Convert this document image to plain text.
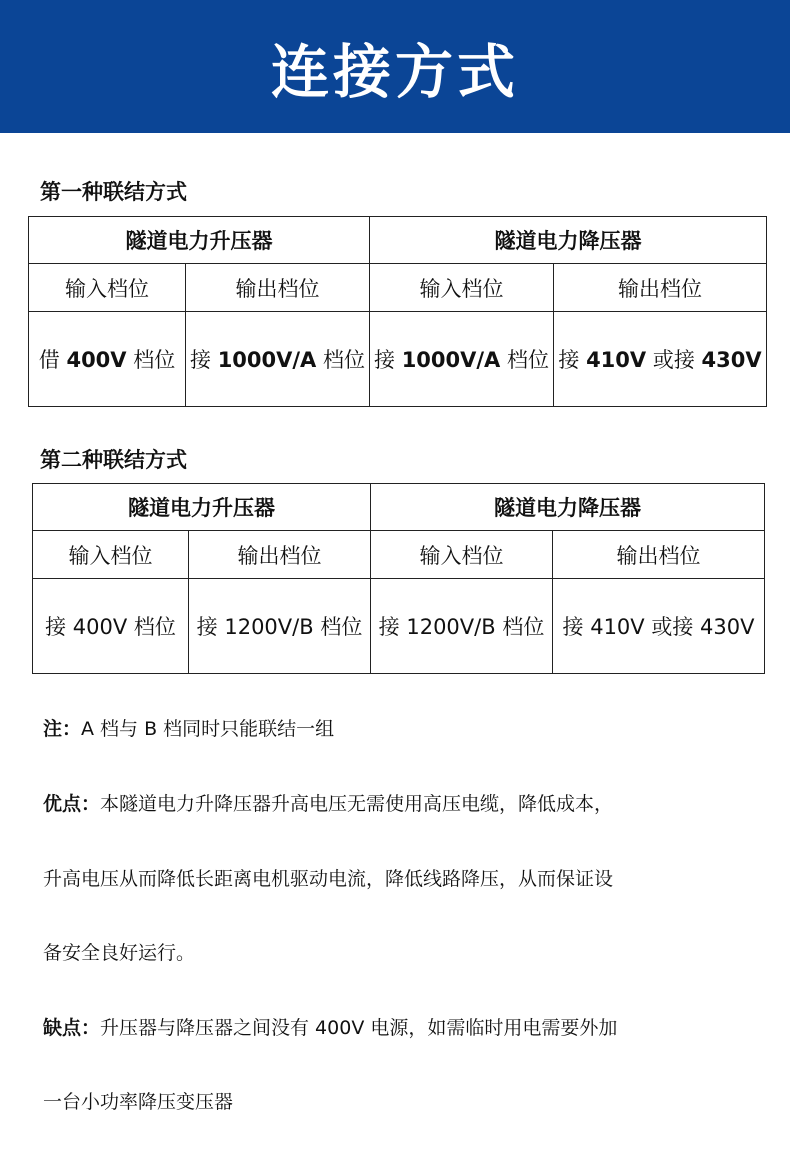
连接方式
第一种联结方式
隧道电力升压器		隧道电力降压器	
输入档位	输出档位	输入档位	输出档位
借 400V 档位	接 1000V/A 档位	接 1000V/A 档位	接 410V 或接 430V
第二种联结方式
隧道电力升压器		隧道电力降压器	
输入档位	输出档位	输入档位	输出档位
接 400V 档位	接 1200V/B 档位	接 1200V/B 档位	接 410V 或接 430V
注：A 档与 B 档同时只能联结一组
优点：本隧道电力升降压器升高电压无需使用高压电缆，降低成本，
升高电压从而降低长距离电机驱动电流，降低线路降压，从而保证设
备安全良好运行。
缺点：升压器与降压器之间没有 400V 电源，如需临时用电需要外加
一台小功率降压变压器
